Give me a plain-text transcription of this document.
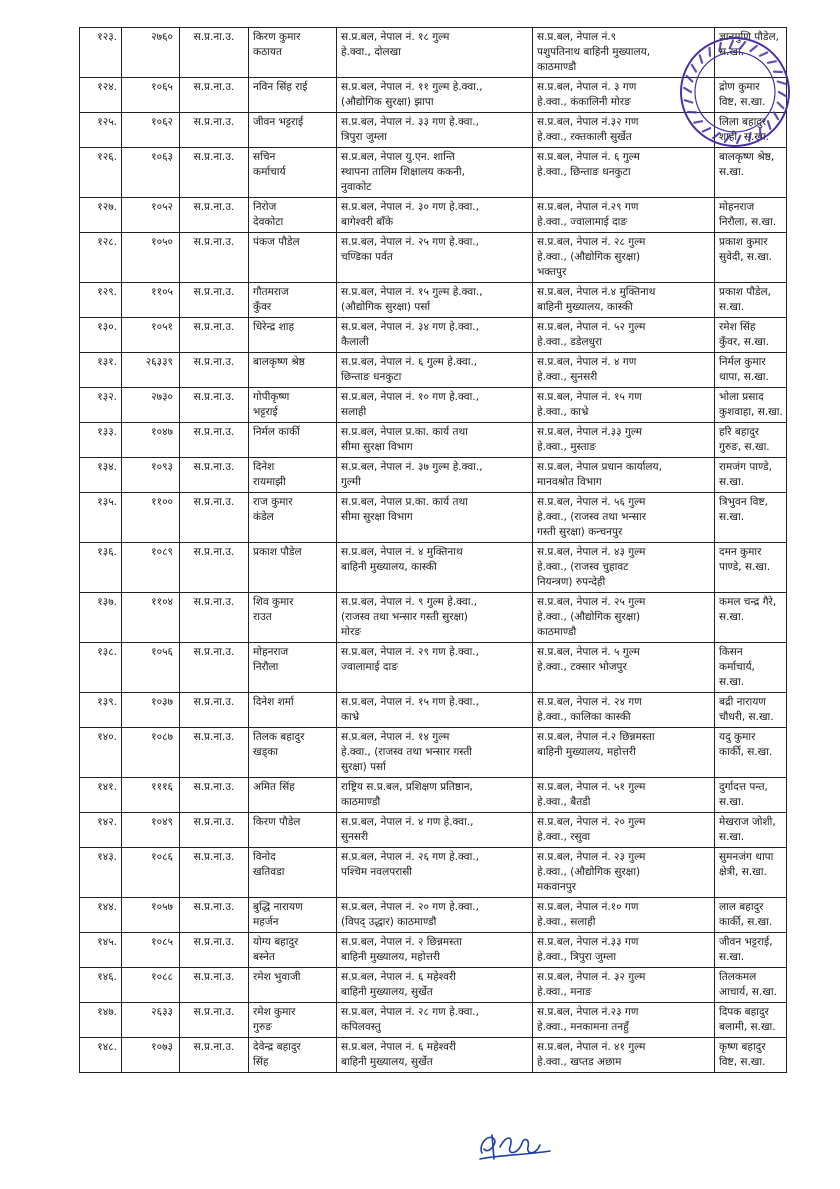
१२३.	२७६०	स.प्र.ना.उ.	किरण कुमार
कठायत	स.प्र.बल, नेपाल नं. १८ गुल्म
हे.क्वा., दोलखा	स.प्र.बल, नेपाल नं.९
पशुपतिनाथ बाहिनी मुख्यालय,
काठमाण्डौ	ज्ञानमुणि पौडेल,
स.खा.

१२४.	१०६५	स.प्र.ना.उ.	नविन सिंह राई	स.प्र.बल, नेपाल नं. ११ गुल्म हे.क्वा.,
(औद्योगिक सुरक्षा) झापा	स.प्र.बल, नेपाल नं. ३ गण
हे.क्वा., कंकालिनी मोरङ	द्रोण कुमार
विष्ट, स.खा.

१२५.	१०६२	स.प्र.ना.उ.	जीवन भट्टराई	स.प्र.बल, नेपाल नं. ३३ गण हे.क्वा.,
त्रिपुरा जुम्ला	स.प्र.बल, नेपाल नं.३२ गण
हे.क्वा., रक्तकाली सुर्खेत	लिला बहादुर
शाही, स.खा.

१२६.	१०६३	स.प्र.ना.उ.	सचिन
कर्माचार्य	स.प्र.बल, नेपाल यु.एन. शान्ति
स्थापना तालिम शिक्षालय ककनी,
नुवाकोट	स.प्र.बल, नेपाल नं. ६ गुल्म
हे.क्वा., छिन्ताङ धनकुटा	बालकृष्ण श्रेष्ठ,
स.खा.

१२७.	१०५२	स.प्र.ना.उ.	निरोज
देवकोटा	स.प्र.बल, नेपाल नं. ३० गण हे.क्वा.,
बागेश्वरी बाँके	स.प्र.बल, नेपाल नं.२९ गण
हे.क्वा., ज्वालामाई दाङ	मोहनराज
निरौला, स.खा.

१२८.	१०५०	स.प्र.ना.उ.	पंकज पौडेल	स.प्र.बल, नेपाल नं. २५ गण हे.क्वा.,
चण्डिका पर्वत	स.प्र.बल, नेपाल नं. २८ गुल्म
हे.क्वा., (औद्योगिक सुरक्षा)
भक्तपुर	प्रकाश कुमार
सुवेदी, स.खा.

१२९.	११०५	स.प्र.ना.उ.	गौतमराज
कुँवर	स.प्र.बल, नेपाल नं. १५ गुल्म हे.क्वा.,
(औद्योगिक सुरक्षा) पर्सा	स.प्र.बल, नेपाल नं.४ मुक्तिनाथ
बाहिनी मुख्यालय, कास्की	प्रकाश पौडेल,
स.खा.

१३०.	१०५१	स.प्र.ना.उ.	धिरेन्द्र शाह	स.प्र.बल, नेपाल नं. ३४ गण हे.क्वा.,
कैलाली	स.प्र.बल, नेपाल नं. ५२ गुल्म
हे.क्वा., डडेलधुरा	रमेश सिंह
कुँवर, स.खा.

१३१.	२६३३९	स.प्र.ना.उ.	बालकृष्ण श्रेष्ठ	स.प्र.बल, नेपाल नं. ६ गुल्म हे.क्वा.,
छिन्ताङ धनकुटा	स.प्र.बल, नेपाल नं. ४ गण
हे.क्वा., सुनसरी	निर्मल कुमार
थापा, स.खा.

१३२.	२७३०	स.प्र.ना.उ.	गोपीकृष्ण
भट्टराई	स.प्र.बल, नेपाल नं. १० गण हे.क्वा.,
सलाही	स.प्र.बल, नेपाल नं. १५ गण
हे.क्वा., काभ्रे	भोला प्रसाद
कुशवाहा, स.खा.

१३३.	१०४७	स.प्र.ना.उ.	निर्मल कार्की	स.प्र.बल, नेपाल प्र.का. कार्य तथा
सीमा सुरक्षा विभाग	स.प्र.बल, नेपाल नं.३३ गुल्म
हे.क्वा., मुस्ताङ	हरि बहादुर
गुरुङ, स.खा.

१३४.	१०९३	स.प्र.ना.उ.	दिनेश
रायमाझी	स.प्र.बल, नेपाल नं. ३७ गुल्म हे.क्वा.,
गुल्मी	स.प्र.बल, नेपाल प्रधान कार्यालय,
मानवश्रोत विभाग	रामजंग पाण्डे,
स.खा.

१३५.	११००	स.प्र.ना.उ.	राज कुमार
कंडेल	स.प्र.बल, नेपाल प्र.का. कार्य तथा
सीमा सुरक्षा विभाग	स.प्र.बल, नेपाल नं. ५६ गुल्म
हे.क्वा., (राजस्व तथा भन्सार
गस्ती सुरक्षा) कन्चनपुर	त्रिभुवन विष्ट,
स.खा.

१३६.	१०८९	स.प्र.ना.उ.	प्रकाश पौडेल	स.प्र.बल, नेपाल नं. ४ मुक्तिनाथ
बाहिनी मुख्यालय, कास्की	स.प्र.बल, नेपाल नं. ४३ गुल्म
हे.क्वा., (राजस्व चुहावट
नियन्त्रण) रुपन्देही	दमन कुमार
पाण्डे, स.खा.

१३७.	११०४	स.प्र.ना.उ.	शिव कुमार
राउत	स.प्र.बल, नेपाल नं. ९ गुल्म हे.क्वा.,
(राजस्व तथा भन्सार गस्ती सुरक्षा)
मोरङ	स.प्र.बल, नेपाल नं. २५ गुल्म
हे.क्वा., (औद्योगिक सुरक्षा)
काठमाण्डौ	कमल चन्द्र गैरे,
स.खा.

१३८.	१०५६	स.प्र.ना.उ.	मोहनराज
निरौला	स.प्र.बल, नेपाल नं. २९ गण हे.क्वा.,
ज्वालामाई दाङ	स.प्र.बल, नेपाल नं. ५ गुल्म
हे.क्वा., टक्सार भोजपुर	किसन
कर्माचार्य,
स.खा.

१३९.	१०३७	स.प्र.ना.उ.	दिनेश शर्मा	स.प्र.बल, नेपाल नं. १५ गण हे.क्वा.,
काभ्रे	स.प्र.बल, नेपाल नं. २४ गण
हे.क्वा., कालिका कास्की	बद्री नारायण
चौधरी, स.खा.

१४०.	१०८७	स.प्र.ना.उ.	तिलक बहादुर
खड्का	स.प्र.बल, नेपाल नं. १४ गुल्म
हे.क्वा., (राजस्व तथा भन्सार गस्ती
सुरक्षा) पर्सा	स.प्र.बल, नेपाल नं.२ छिन्नमस्ता
बाहिनी मुख्यालय, महोत्तरी	यदु कुमार
कार्की, स.खा.

१४१.	१११६	स.प्र.ना.उ.	अमित सिंह	राष्ट्रिय स.प्र.बल, प्रशिक्षण प्रतिष्ठान,
काठमाण्डौ	स.प्र.बल, नेपाल नं. ५१ गुल्म
हे.क्वा., बैतडी	दुर्गादत्त पन्त,
स.खा.

१४२.	१०४९	स.प्र.ना.उ.	किरण पौडेल	स.प्र.बल, नेपाल नं. ४ गण हे.क्वा.,
सुनसरी	स.प्र.बल, नेपाल नं. २० गुल्म
हे.क्वा., रसुवा	मेखराज जोशी,
स.खा.

१४३.	१०८६	स.प्र.ना.उ.	विनोद
खतिवडा	स.प्र.बल, नेपाल नं. २६ गण हे.क्वा.,
पश्चिम नवलपरासी	स.प्र.बल, नेपाल नं. २३ गुल्म
हे.क्वा., (औद्योगिक सुरक्षा)
मकवानपुर	सुमनजंग थापा
क्षेत्री, स.खा.

१४४.	१०५७	स.प्र.ना.उ.	बुद्धि नारायण
महर्जन	स.प्र.बल, नेपाल नं. २० गण हे.क्वा.,
(विपद् उद्धार) काठमाण्डौ	स.प्र.बल, नेपाल नं.१० गण
हे.क्वा., सलाही	लाल बहादुर
कार्की, स.खा.

१४५.	१०८५	स.प्र.ना.उ.	योग्य बहादुर
बस्नेत	स.प्र.बल, नेपाल नं. २ छिन्नमस्ता
बाहिनी मुख्यालय, महोत्तरी	स.प्र.बल, नेपाल नं.३३ गण
हे.क्वा., त्रिपुरा जुम्ला	जीवन भट्टराई,
स.खा.

१४६.	१०८८	स.प्र.ना.उ.	रमेश भुवाजी	स.प्र.बल, नेपाल नं. ६ महेश्वरी
बाहिनी मुख्यालय, सुर्खेत	स.प्र.बल, नेपाल नं. ३२ गुल्म
हे.क्वा., मनाङ	तिलकमल
आचार्य, स.खा.

१४७.	२६३३	स.प्र.ना.उ.	रमेश कुमार
गुरुङ	स.प्र.बल, नेपाल नं. २८ गण हे.क्वा.,
कपिलवस्तु	स.प्र.बल, नेपाल नं.२३ गण
हे.क्वा., मनकामना तनहुँ	दिपक बहादुर
बलामी, स.खा.

१४८.	१०७३	स.प्र.ना.उ.	देवेन्द्र बहादुर
सिंह	स.प्र.बल, नेपाल नं. ६ महेश्वरी
बाहिनी मुख्यालय, सुर्खेत	स.प्र.बल, नेपाल नं. ४१ गुल्म
हे.क्वा., खप्तड अछाम	कृष्ण बहादुर
विष्ट, स.खा.
